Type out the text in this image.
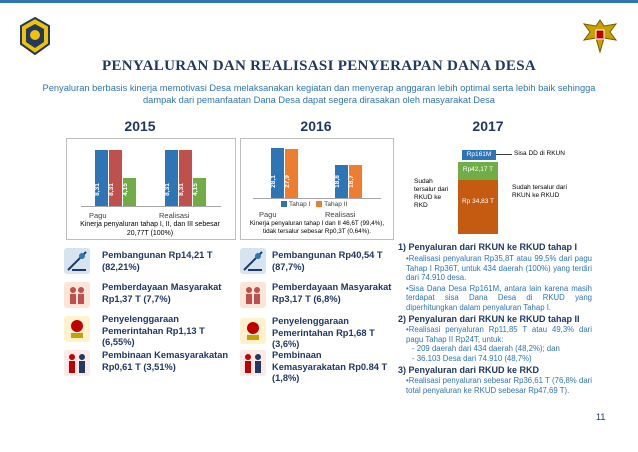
PENYALURAN DAN REALISASI PENYERAPAN DANA DESA
Penyaluran berbasis kinerja memotivasi Desa melaksanakan kegiatan dan menyerap anggaran lebih optimal serta lebih baik sehingga dampak dari pemanfaatan Dana Desa dapat segera dirasakan oleh masyarakat Desa
2015	2016	2017
8,31 8,31 4,15	8,31 8,31 4,15
Pagu	Realisasi
Kinerja penyaluran tahap I, II, dan III sebesar 20,77T (100%)
28,1 27,9	18,8 18,7
Tahap I Tahap II
Pagu	Realisasi
Kinerja penyaluran tahap I dan II 46,6T (99,4%), tidak tersalur sebesar Rp0,3T (0,64%).
Pembangunan Rp14,21 T (82,21%)
Pemberdayaan Masyarakat Rp1,37 T (7,7%)
Penyelenggaraan Pemerintahan Rp1,13 T (6,55%)
Pembinaan Kemasyarakatan Rp0,61 T (3,51%)
Pembangunan Rp40,54 T (87,7%)
Pemberdayaan Masyarakat Rp3,17 T (6,8%)
Penyelenggaraan Pemerintahan Rp1,68 T (3,6%)
Pembinaan Kemasyarakatan Rp0.84 T (1,8%)
Rp161M	Sisa DD di RKUN
Rp42,17 T
Rp 34,83 T
Sudah tersalur dari RKUD ke RKD
Sudah tersalur dari RKUN ke RKUD
1) Penyaluran dari RKUN ke RKUD tahap I
•Realisasi penyaluran Rp35,8T atau 99,5% dari pagu Tahap I Rp36T, untuk 434 daerah (100%) yang terdiri dari 74.910 desa.
•Sisa Dana Desa Rp161M, antara lain karena masih terdapat sisa Dana Desa di RKUD yang diperhitungkan dalam penyaluran Tahap I.
2) Penyaluran dari RKUN ke RKUD tahap II
•Realisasi penyaluran Rp11,85 T atau 49,3% dari pagu Tahap II Rp24T, untuk:
- 209 daerah dari 434 daerah (48,2%); dan
- 36.103 Desa dari 74.910 (48,7%)
3) Penyaluran dari RKUD ke RKD
•Realisasi penyaluran sebesar Rp36,61 T (76,8% dari total penyaluran ke RKUD sebesar Rp47,69 T).
11
